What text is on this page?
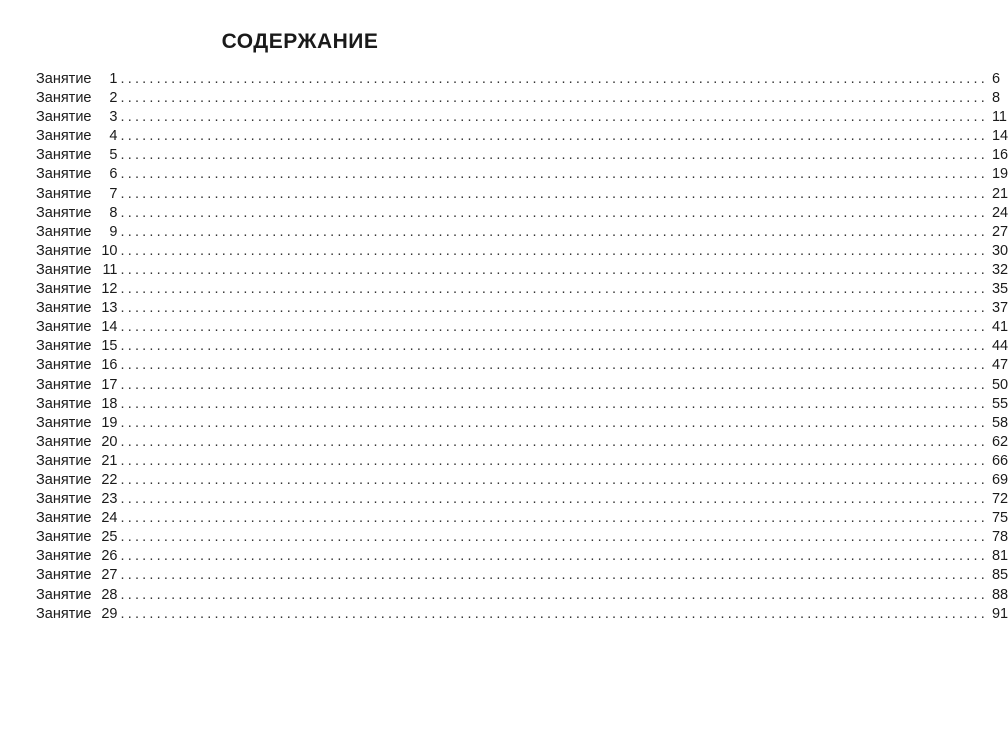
СОДЕРЖАНИЕ
Занятие	1 ........................................................................................................................ 6
Занятие	2 ........................................................................................................................ 8
Занятие	3 ........................................................................................................................ 11
Занятие	4 ........................................................................................................................ 14
Занятие	5 ........................................................................................................................ 16
Занятие	6 ........................................................................................................................ 19
Занятие	7 ........................................................................................................................ 21
Занятие	8 ........................................................................................................................ 24
Занятие	9 ........................................................................................................................ 27
Занятие 10 ........................................................................................................................ 30
Занятие 11 ........................................................................................................................ 32
Занятие 12 ........................................................................................................................ 35
Занятие 13 ........................................................................................................................ 37
Занятие 14 ........................................................................................................................ 41
Занятие 15 ........................................................................................................................ 44
Занятие 16 ........................................................................................................................ 47
Занятие 17 ........................................................................................................................ 50
Занятие 18 ........................................................................................................................ 55
Занятие 19 ........................................................................................................................ 58
Занятие 20 ........................................................................................................................ 62
Занятие 21 ........................................................................................................................ 66
Занятие 22 ........................................................................................................................ 69
Занятие 23 ........................................................................................................................ 72
Занятие 24 ........................................................................................................................ 75
Занятие 25 ........................................................................................................................ 78
Занятие 26 ........................................................................................................................ 81
Занятие 27 ........................................................................................................................ 85
Занятие 28 ........................................................................................................................ 88
Занятие 29 ........................................................................................................................ 91
